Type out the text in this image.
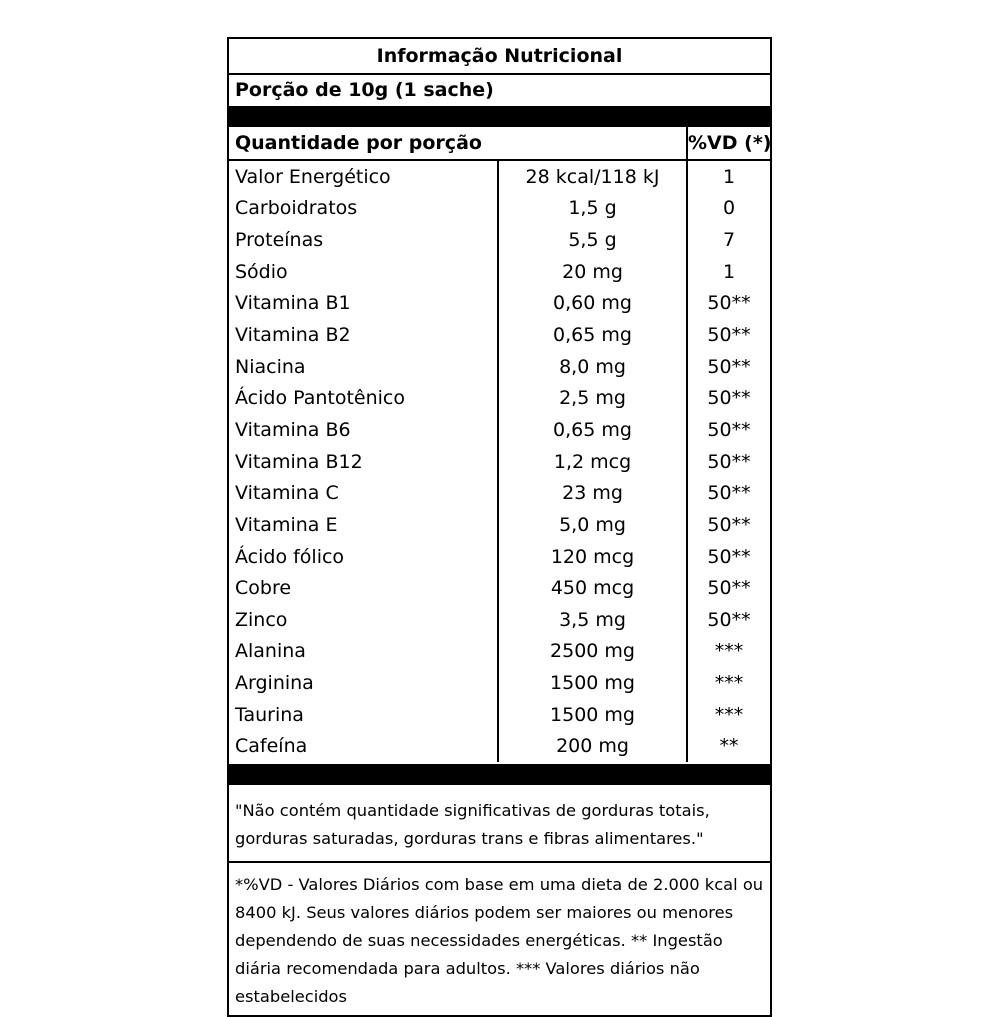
Informação Nutricional
Porção de 10g (1 sache)
Quantidade por porção		%VD (*)
Valor Energético	28 kcal/118 kJ	1
Carboidratos	1,5 g	0
Proteínas	5,5 g	7
Sódio	20 mg	1
Vitamina B1	0,60 mg	50**
Vitamina B2	0,65 mg	50**
Niacina	8,0 mg	50**
Ácido Pantotênico	2,5 mg	50**
Vitamina B6	0,65 mg	50**
Vitamina B12	1,2 mcg	50**
Vitamina C	23 mg	50**
Vitamina E	5,0 mg	50**
Ácido fólico	120 mcg	50**
Cobre	450 mcg	50**
Zinco	3,5 mg	50**
Alanina	2500 mg	***
Arginina	1500 mg	***
Taurina	1500 mg	***
Cafeína	200 mg	**
"Não contém quantidade significativas de gorduras totais, gorduras saturadas, gorduras trans e fibras alimentares."
*%VD - Valores Diários com base em uma dieta de 2.000 kcal ou 8400 kJ. Seus valores diários podem ser maiores ou menores dependendo de suas necessidades energéticas. ** Ingestão diária recomendada para adultos. *** Valores diários não estabelecidos
